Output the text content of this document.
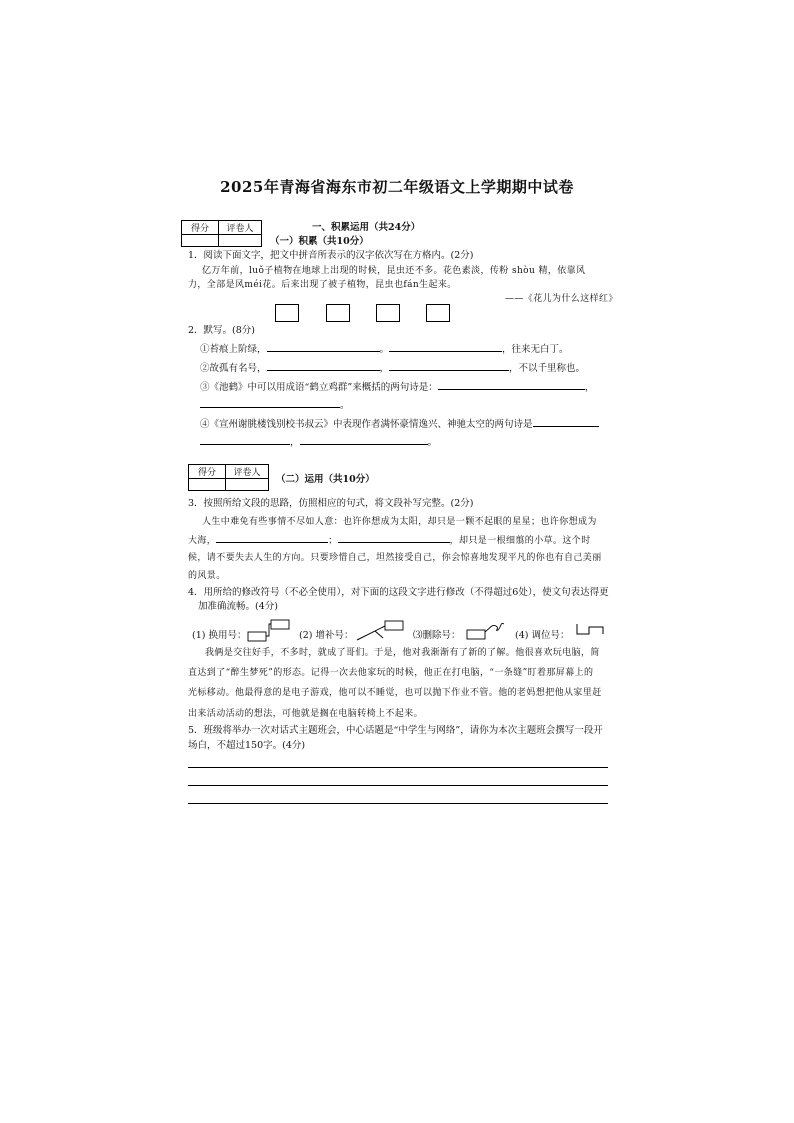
2025年青海省海东市初二年级语文上学期期中试卷
得分	评卷人
		一、积累运用（共24分）
（一）积累（共10分）
1．阅读下面文字，把文中拼音所表示的汉字依次写在方格内。(2分)
亿万年前，luǒ子植物在地球上出现的时候，昆虫还不多。花色素淡，传粉 shòu 精，依靠风
力，全部是风méi花。后来出现了被子植物，昆虫也fán生起来。
——《花儿为什么这样红》
2．默写。(8分)
①苔痕上阶绿，	。	，往来无白丁。
②故孤有名号，	，	，不以千里称也。
③《池鹤》中可以用成语“鹤立鸡群”来概括的两句诗是：	，
。
④《宣州谢朓楼饯别校书叔云》中表现作者满怀豪情逸兴、神驰太空的两句诗是
，	。
得分	评卷人

（二）运用（共10分）
3．按照所给文段的思路，仿照相应的句式，将文段补写完整。(2分)
人生中难免有些事情不尽如人意：也许你想成为太阳，却只是一颗不起眼的星星；也许你想成为
大海，	；	，却只是一根细翦的小草。这个时
候，请不要失去人生的方向。只要珍惜自己，坦然接受自己，你会惊喜地发现平凡的你也有自己美丽
的风景。
4．用所给的修改符号（不必全使用），对下面的这段文字进行修改（不得超过6处），使文句表达得更
加准确流畅。(4分)
(1) 换用号：	(2) 增补号：	⑶删除号：	(4) 调位号：
我俩是交往好手，不多时，就成了哥们。于是，他对我渐渐有了新的了解。他很喜欢玩电脑，简
直达到了“醉生梦死”的形态。记得一次去他家玩的时候，他正在打电脑，“一条缝”盯着那屏幕上的
光标移动。他最得意的是电子游戏，他可以不睡觉，也可以抛下作业不管。他的老妈想把他从家里赶
出来活动活动的想法，可他就是搁在电脑转椅上不起来。
5．班级将举办一次对话式主题班会，中心话题是“中学生与网络”，请你为本次主题班会撰写一段开
场白，不超过150字。(4分)
